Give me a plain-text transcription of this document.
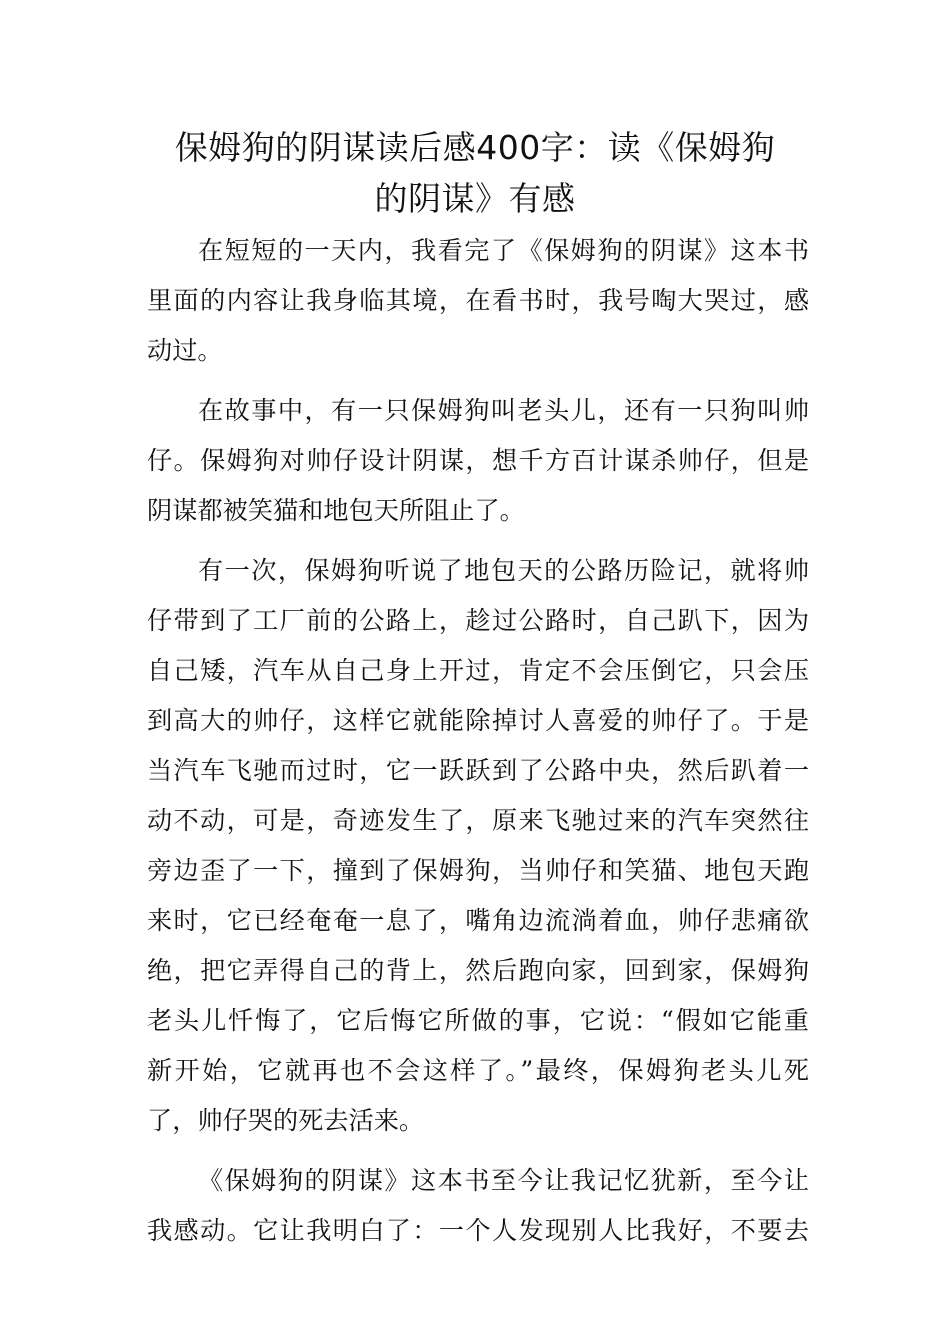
保姆狗的阴谋读后感400字：读《保姆狗
的阴谋》有感
在短短的一天内，我看完了《保姆狗的阴谋》这本书
里面的内容让我身临其境，在看书时，我号啕大哭过，感
动过。
在故事中，有一只保姆狗叫老头儿，还有一只狗叫帅
仔。保姆狗对帅仔设计阴谋，想千方百计谋杀帅仔，但是
阴谋都被笑猫和地包天所阻止了。
有一次，保姆狗听说了地包天的公路历险记，就将帅
仔带到了工厂前的公路上，趁过公路时，自己趴下，因为
自己矮，汽车从自己身上开过，肯定不会压倒它，只会压
到高大的帅仔，这样它就能除掉讨人喜爱的帅仔了。于是
当汽车飞驰而过时，它一跃跃到了公路中央，然后趴着一
动不动，可是，奇迹发生了，原来飞驰过来的汽车突然往
旁边歪了一下，撞到了保姆狗，当帅仔和笑猫、地包天跑
来时，它已经奄奄一息了，嘴角边流淌着血，帅仔悲痛欲
绝，把它弄得自己的背上，然后跑向家，回到家，保姆狗
老头儿忏悔了，它后悔它所做的事，它说：“假如它能重
新开始，它就再也不会这样了。”最终，保姆狗老头儿死
了，帅仔哭的死去活来。
《保姆狗的阴谋》这本书至今让我记忆犹新，至今让
我感动。它让我明白了：一个人发现别人比我好，不要去
